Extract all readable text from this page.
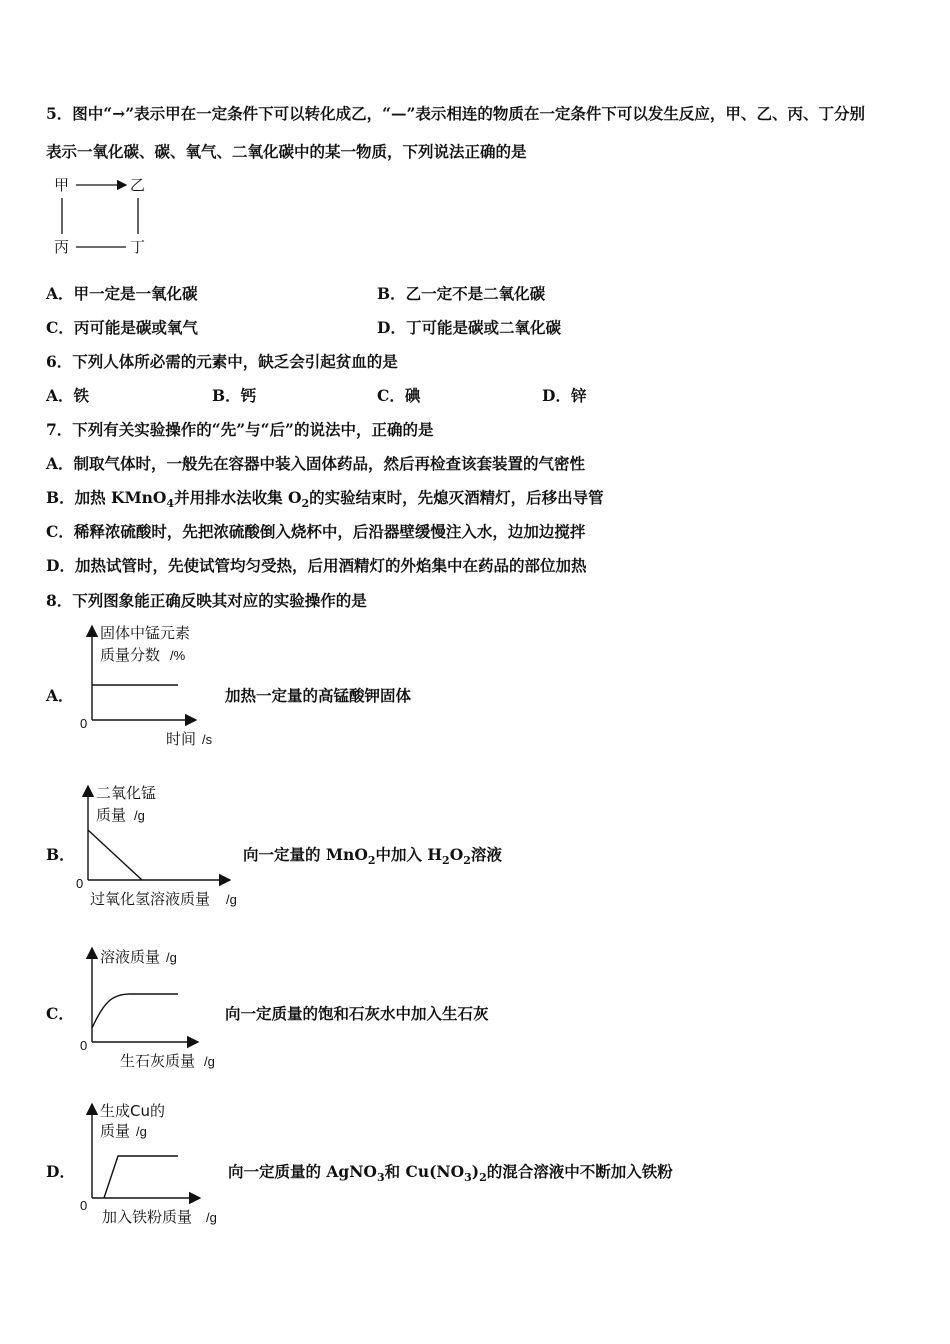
5．图中“→”表示甲在一定条件下可以转化成乙，“—”表示相连的物质在一定条件下可以发生反应，甲、乙、丙、丁分别
表示一氧化碳、碳、氧气、二氧化碳中的某一物质，下列说法正确的是
甲	乙
丙	丁
A．甲一定是一氧化碳	B．乙一定不是二氧化碳
C．丙可能是碳或氧气	D．丁可能是碳或二氧化碳
6．下列人体所必需的元素中，缺乏会引起贫血的是
A．铁	B．钙	C．碘	D．锌
7．下列有关实验操作的“先”与“后”的说法中，正确的是
A．制取气体时，一般先在容器中装入固体药品，然后再检查该套装置的气密性
B．加热 KMnO$_4$并用排水法收集 $O_2$的实验结束时，先熄灭酒精灯，后移出导管
C．稀释浓硫酸时，先把浓硫酸倒入烧杯中，后沿器壁缓慢注入水，边加边搅拌
D．加热试管时，先使试管均匀受热，后用酒精灯的外焰集中在药品的部位加热
8．下列图象能正确反映其对应的实验操作的是
A．
固体中锰元素
质量分数 /%
0
时间 /s
加热一定量的高锰酸钾固体
B．
二氧化锰
质量 /g
0
过氧化氢溶液质量 /g
向一定量的 MnO$_2$中加入 $H_2O_2$溶液
C．
溶液质量 /g
0
生石灰质量 /g
向一定质量的饱和石灰水中加入生石灰
D．
生成Cu的
质量 /g
0
加入铁粉质量 /g
向一定质量的 AgNO$_3$和 $Cu(NO_3)_2$的混合溶液中不断加入铁粉
